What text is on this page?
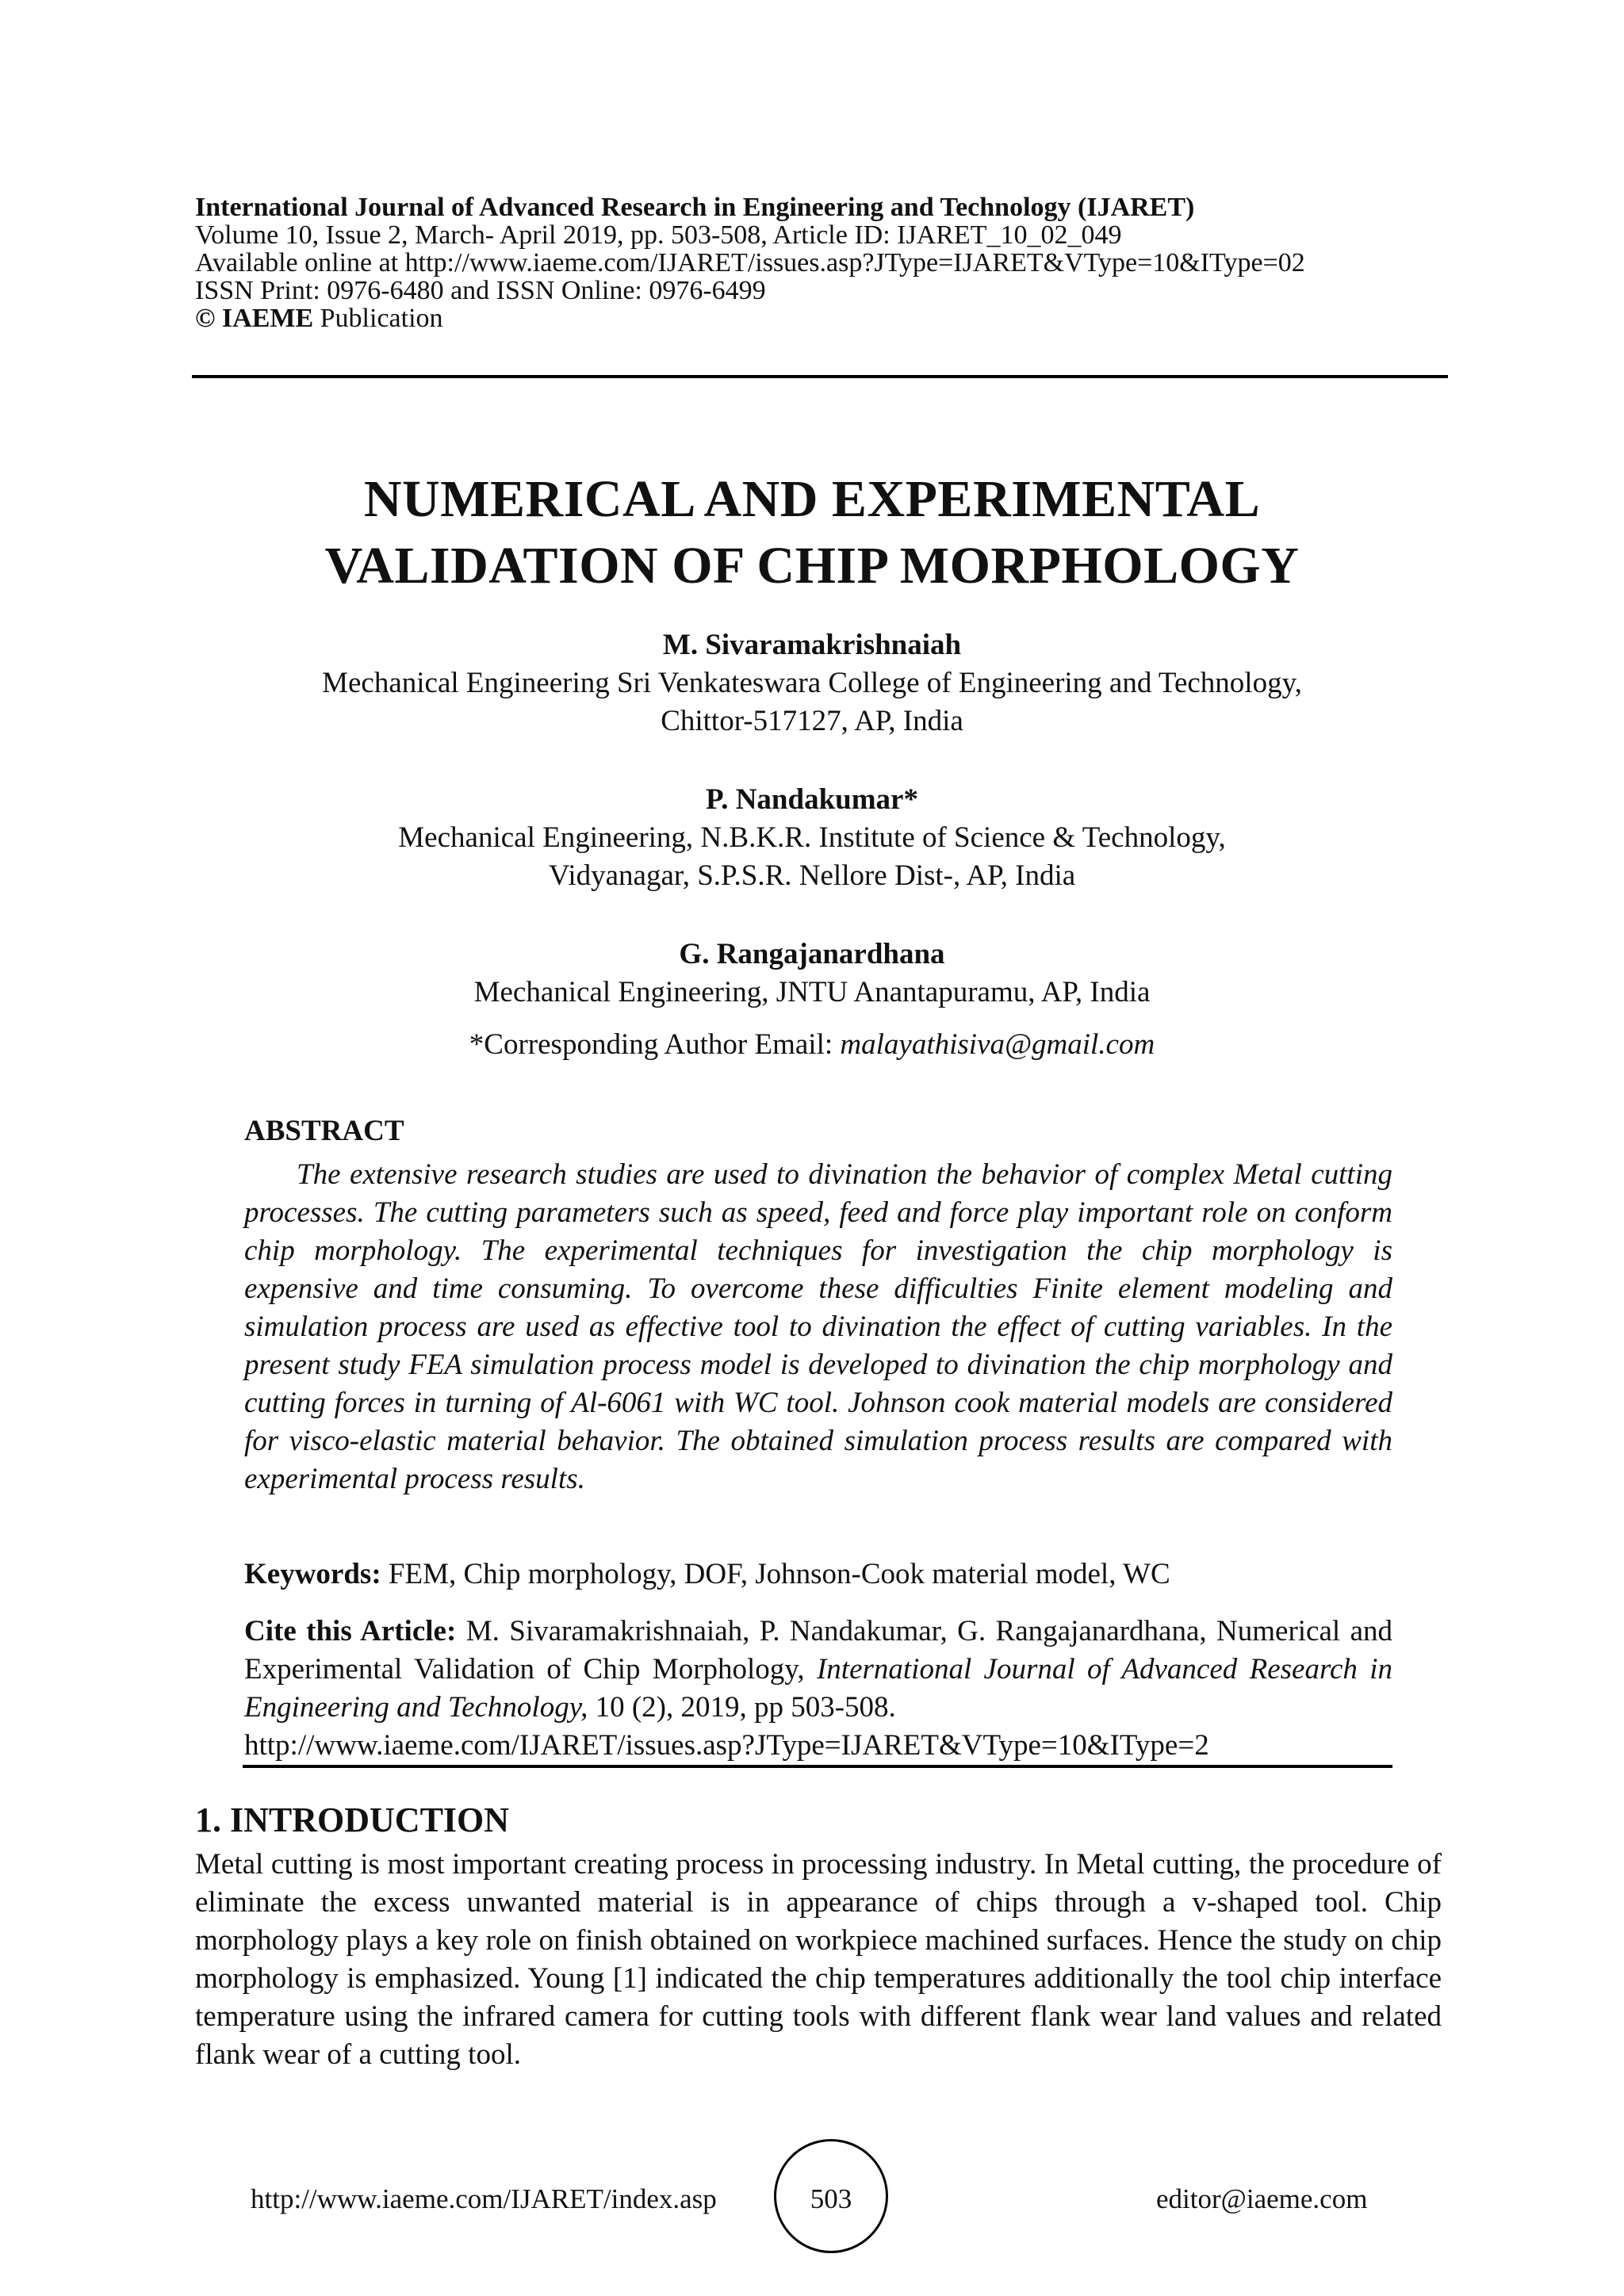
International Journal of Advanced Research in Engineering and Technology (IJARET)
Volume 10, Issue 2, March- April 2019, pp. 503-508, Article ID: IJARET_10_02_049
Available online at http://www.iaeme.com/IJARET/issues.asp?JType=IJARET&VType=10&IType=02
ISSN Print: 0976-6480 and ISSN Online: 0976-6499
© IAEME Publication
NUMERICAL AND EXPERIMENTAL
VALIDATION OF CHIP MORPHOLOGY
M. Sivaramakrishnaiah
Mechanical Engineering Sri Venkateswara College of Engineering and Technology,
Chittor-517127, AP, India
P. Nandakumar*
Mechanical Engineering, N.B.K.R. Institute of Science & Technology,
Vidyanagar, S.P.S.R. Nellore Dist-, AP, India
G. Rangajanardhana
Mechanical Engineering, JNTU Anantapuramu, AP, India
*Corresponding Author Email: malayathisiva@gmail.com
ABSTRACT
The extensive research studies are used to divination the behavior of complex Metal cutting processes. The cutting parameters such as speed, feed and force play important role on conform chip morphology. The experimental techniques for investigation the chip morphology is expensive and time consuming. To overcome these difficulties Finite element modeling and simulation process are used as effective tool to divination the effect of cutting variables. In the present study FEA simulation process model is developed to divination the chip morphology and cutting forces in turning of Al-6061 with WC tool. Johnson cook material models are considered for visco-elastic material behavior. The obtained simulation process results are compared with experimental process results.
Keywords: FEM, Chip morphology, DOF, Johnson-Cook material model, WC
Cite this Article: M. Sivaramakrishnaiah, P. Nandakumar, G. Rangajanardhana, Numerical and Experimental Validation of Chip Morphology, International Journal of Advanced Research in Engineering and Technology, 10 (2), 2019, pp 503-508.
http://www.iaeme.com/IJARET/issues.asp?JType=IJARET&VType=10&IType=2
1. INTRODUCTION
Metal cutting is most important creating process in processing industry. In Metal cutting, the procedure of eliminate the excess unwanted material is in appearance of chips through a v-shaped tool. Chip morphology plays a key role on finish obtained on workpiece machined surfaces. Hence the study on chip morphology is emphasized. Young [1] indicated the chip temperatures additionally the tool chip interface temperature using the infrared camera for cutting tools with different flank wear land values and related flank wear of a cutting tool.
http://www.iaeme.com/IJARET/index.asp	503	editor@iaeme.com
